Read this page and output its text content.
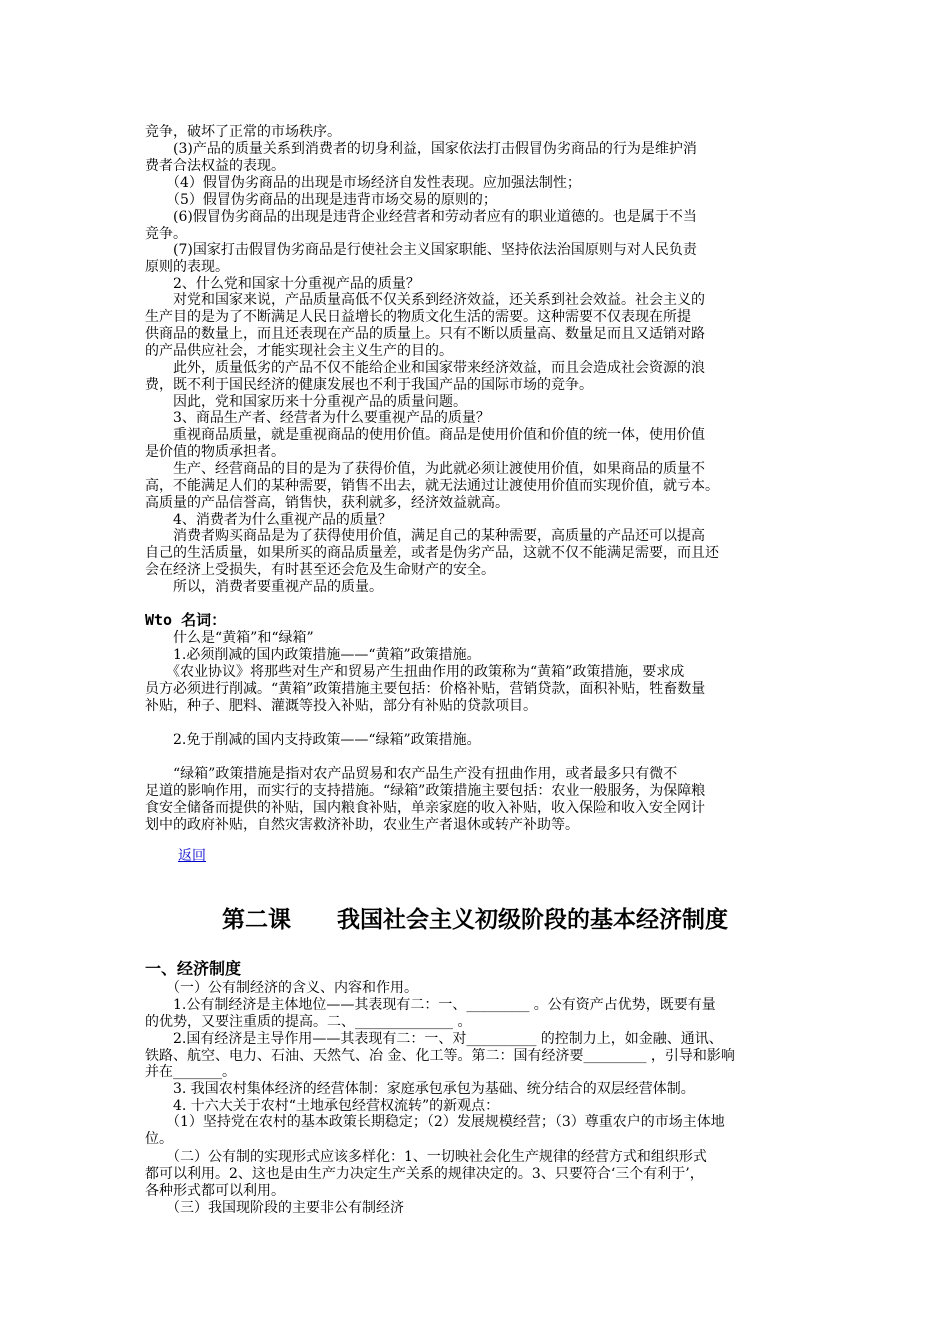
竞争，破坏了正常的市场秩序。
　　(3)产品的质量关系到消费者的切身利益，国家依法打击假冒伪劣商品的行为是维护消
费者合法权益的表现。
　　（4）假冒伪劣商品的出现是市场经济自发性表现。应加强法制性；
　　（5）假冒伪劣商品的出现是违背市场交易的原则的；
　　(6)假冒伪劣商品的出现是违背企业经营者和劳动者应有的职业道德的。也是属于不当
竞争。
　　(7)国家打击假冒伪劣商品是行使社会主义国家职能、坚持依法治国原则与对人民负责
原则的表现。
　　2、什么党和国家十分重视产品的质量？
　　对党和国家来说，产品质量高低不仅关系到经济效益，还关系到社会效益。社会主义的
生产目的是为了不断满足人民日益增长的物质文化生活的需要。这种需要不仅表现在所提
供商品的数量上，而且还表现在产品的质量上。只有不断以质量高、数量足而且又适销对路
的产品供应社会，才能实现社会主义生产的目的。
　　此外，质量低劣的产品不仅不能给企业和国家带来经济效益，而且会造成社会资源的浪
费，既不利于国民经济的健康发展也不利于我国产品的国际市场的竞争。
　　因此，党和国家历来十分重视产品的质量问题。
　　3、商品生产者、经营者为什么要重视产品的质量？
　　重视商品质量，就是重视商品的使用价值。商品是使用价值和价值的统一体，使用价值
是价值的物质承担者。
　　生产、经营商品的目的是为了获得价值，为此就必须让渡使用价值，如果商品的质量不
高，不能满足人们的某种需要，销售不出去，就无法通过让渡使用价值而实现价值，就亏本。
高质量的产品信誉高，销售快，获利就多，经济效益就高。
　　4、消费者为什么重视产品的质量？
　　消费者购买商品是为了获得使用价值，满足自己的某种需要，高质量的产品还可以提高
自己的生活质量，如果所买的商品质量差，或者是伪劣产品，这就不仅不能满足需要，而且还
会在经济上受损失，有时甚至还会危及生命财产的安全。
　　所以，消费者要重视产品的质量。
Wto 名词：
　　什么是“黄箱”和“绿箱”
　　1.必须削减的国内政策措施——“黄箱”政策措施。
　　《农业协议》将那些对生产和贸易产生扭曲作用的政策称为“黄箱”政策措施，要求成
员方必须进行削减。“黄箱”政策措施主要包括：价格补贴，营销贷款，面积补贴，牲畜数量
补贴，种子、肥料、灌溉等投入补贴，部分有补贴的贷款项目。
　　2.免于削减的国内支持政策——“绿箱”政策措施。
　　“绿箱”政策措施是指对农产品贸易和农产品生产没有扭曲作用，或者最多只有微不
足道的影响作用，而实行的支持措施。“绿箱”政策措施主要包括：农业一般服务，为保障粮
食安全储备而提供的补贴，国内粮食补贴，单亲家庭的收入补贴，收入保险和收入安全网计
划中的政府补贴，自然灾害救济补助，农业生产者退休或转产补助等。
返回
第二课　　我国社会主义初级阶段的基本经济制度
一、经济制度
　　（一）公有制经济的含义、内容和作用。
　　1.公有制经济是主体地位——其表现有二：一、_________ 。公有资产占优势，既要有量
的优势，又要注重质的提高。二、______________ 。
　　2.国有经济是主导作用——其表现有二：一、对__________ 的控制力上，如金融、通讯、
铁路、航空、电力、石油、天然气、冶 金、化工等。第二：国有经济要_________ ，引导和影响
并在_______。
　　3. 我国农村集体经济的经营体制：家庭承包承包为基础、统分结合的双层经营体制。
　　4. 十六大关于农村“土地承包经营权流转”的新观点：
　　（1）坚持党在农村的基本政策长期稳定；（2）发展规模经营；（3）尊重农户的市场主体地
位。
　　（二）公有制的实现形式应该多样化：1、一切映社会化生产规律的经营方式和组织形式
都可以利用。2、这也是由生产力决定生产关系的规律决定的。3、只要符合‘三个有利于’，
各种形式都可以利用。
　　（三）我国现阶段的主要非公有制经济
